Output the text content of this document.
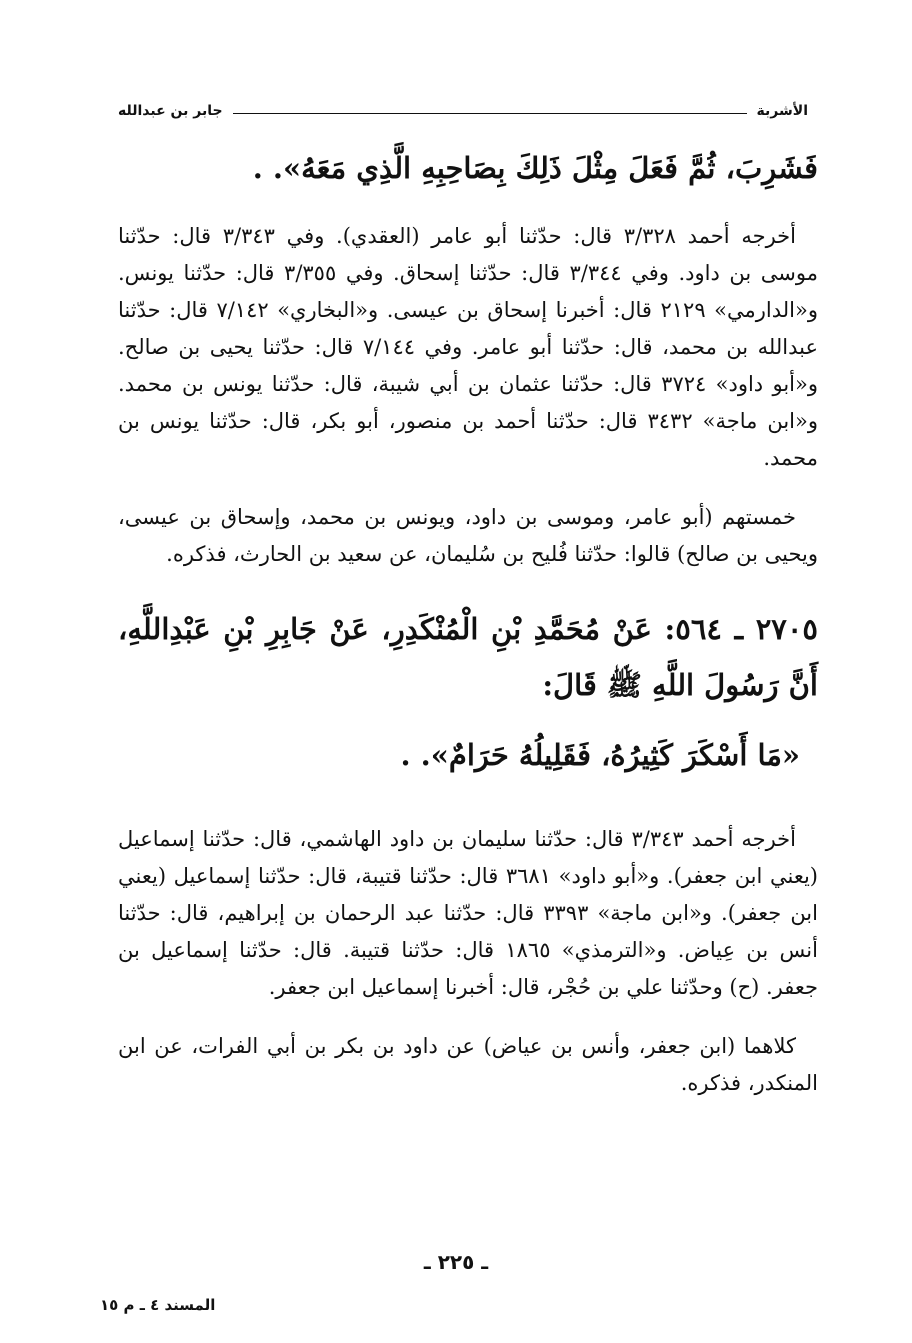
الأشربة
جابر بن عبدالله

فَشَرِبَ، ثُمَّ فَعَلَ مِثْلَ ذَلِكَ بِصَاحِبِهِ الَّذِي مَعَهُ». .

أخرجه أحمد ٣/٣٢٨ قال: حدّثنا أبو عامر (العقدي). وفي ٣/٣٤٣ قال: حدّثنا موسى بن داود. وفي ٣/٣٤٤ قال: حدّثنا إسحاق. وفي ٣/٣٥٥ قال: حدّثنا يونس. و«الدارمي» ٢١٢٩ قال: أخبرنا إسحاق بن عيسى. و«البخاري» ٧/١٤٢ قال: حدّثنا عبدالله بن محمد، قال: حدّثنا أبو عامر. وفي ٧/١٤٤ قال: حدّثنا يحيى بن صالح. و«أبو داود» ٣٧٢٤ قال: حدّثنا عثمان بن أبي شيبة، قال: حدّثنا يونس بن محمد. و«ابن ماجة» ٣٤٣٢ قال: حدّثنا أحمد بن منصور، أبو بكر، قال: حدّثنا يونس بن محمد.

خمستهم (أبو عامر، وموسى بن داود، ويونس بن محمد، وإسحاق بن عيسى، ويحيى بن صالح) قالوا: حدّثنا فُليح بن سُليمان، عن سعيد بن الحارث، فذكره.

٢٧٠٥ ـ ٥٦٤: عَنْ مُحَمَّدِ بْنِ الْمُنْكَدِرِ، عَنْ جَابِرِ بْنِ عَبْدِاللَّهِ، أَنَّ رَسُولَ اللَّهِ ﷺ قَالَ:

«مَا أَسْكَرَ كَثِيرُهُ، فَقَلِيلُهُ حَرَامٌ». .

أخرجه أحمد ٣/٣٤٣ قال: حدّثنا سليمان بن داود الهاشمي، قال: حدّثنا إسماعيل (يعني ابن جعفر). و«أبو داود» ٣٦٨١ قال: حدّثنا قتيبة، قال: حدّثنا إسماعيل (يعني ابن جعفر). و«ابن ماجة» ٣٣٩٣ قال: حدّثنا عبد الرحمان بن إبراهيم، قال: حدّثنا أنس بن عِياض. و«الترمذي» ١٨٦٥ قال: حدّثنا قتيبة. قال: حدّثنا إسماعيل بن جعفر. (ح) وحدّثنا علي بن حُجْر، قال: أخبرنا إسماعيل ابن جعفر.

كلاهما (ابن جعفر، وأنس بن عياض) عن داود بن بكر بن أبي الفرات، عن ابن المنكدر، فذكره.

ـ ٢٢٥ ـ
المسند ٤ ـ م ١٥
